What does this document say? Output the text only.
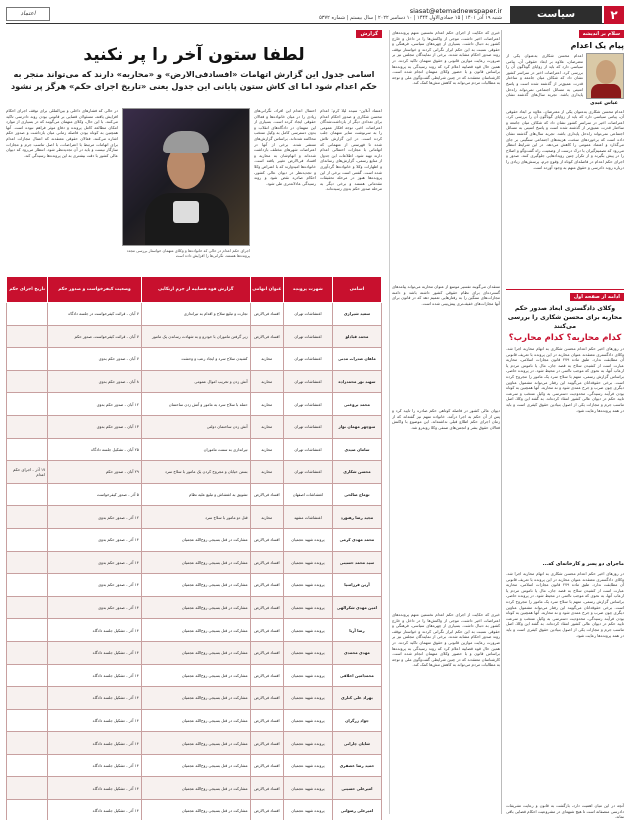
۲
سیاست
siasat@etemadnewspaper.ir
شنبه ۱۹ آذر ۱۴۰۱ | ۱۵ جمادی‌الاول ۱۴۴۴ | ۱۰ دسامبر ۲۰۲۲ | سال بیستم | شماره ۵۳۷۲
اعتماد
سلام بر اندیشه
پیام یک اعدام
اعدام محسن شکاری به‌عنوان یکی از معترضان، علاوه بر ابعاد حقوقی آن، پیامی سیاسی دارد که باید از زوایای گوناگون آن را بررسی کرد. اعتراضات اخیر در سراسر کشور نشان داد که شکاف میان جامعه و ساختار قدرت عمیق‌تر از گذشته شده است و پاسخ امنیتی به مسائل اجتماعی نمی‌تواند راه‌حل پایداری باشد. تجربه سال‌های گذشته نشان
عباس عبدی
اعدام محسن شکاری به‌عنوان یکی از معترضان، علاوه بر ابعاد حقوقی آن، پیامی سیاسی دارد که باید از زوایای گوناگون آن را بررسی کرد. اعتراضات اخیر در سراسر کشور نشان داد که شکاف میان جامعه و ساختار قدرت عمیق‌تر از گذشته شده است و پاسخ امنیتی به مسائل اجتماعی نمی‌تواند راه‌حل پایداری باشد. تجربه سال‌های گذشته نشان داده است که برخوردهای سخت، هزینه‌های اجتماعی سنگینی بر جای می‌گذارد و اعتماد عمومی را کاهش می‌دهد. در این شرایط انتظار می‌رود که تصمیم‌گیران با درک درست از وضعیت، راه گفت‌وگو و اصلاح را در پیش بگیرند و از تکرار چنین رویدادهایی جلوگیری کنند. صدور و اجرای حکم اعدام در فاصله‌ای کوتاه از وقوع جرم، پرسش‌های زیادی را درباره روند دادرسی و حقوق متهم به وجود آورده است.
ادامه از صفحه اول
وکلای دادگستری ابعاد صدور حکم محاربه برای محسن شکاری را بررسی می‌کنند
کدام محاربه؟ کدام محارب؟
در روزهای اخیر حکم اعدام محسن شکاری به اتهام محاربه اجرا شد. وکلای دادگستری معتقدند عنوان محاربه در این پرونده با تعریف قانونی آن مطابقت ندارد. طبق ماده ۲۷۹ قانون مجازات اسلامی، محاربه عبارت است از کشیدن سلاح به قصد جان، مال یا ناموس مردم یا ارعاب آنها، به نحوی که موجب ناامنی در محیط شود. در پرونده حاضر، براساس گزارش رسمی، متهم با سلاح سرد یک مامور را مجروح کرده است. برخی حقوقدانان می‌گویند این رفتار می‌تواند مشمول عناوین دیگری چون ضرب و جرح عمدی شود و نه محاربه. آنها همچنین به کوتاه بودن فرآیند رسیدگی، محدودیت دسترسی به وکیل منتخب و سرعت تایید حکم در دیوان عالی کشور انتقاد کرده‌اند. به گفته این وکلا، اصل تناسب جرم و مجازات یکی از اصول بنیادین حقوق کیفری است و باید در همه پرونده‌ها رعایت شود.
ماجرای دو پسر و کارخانه‌ای که...
در روزهای اخیر حکم اعدام محسن شکاری به اتهام محاربه اجرا شد. وکلای دادگستری معتقدند عنوان محاربه در این پرونده با تعریف قانونی آن مطابقت ندارد. طبق ماده ۲۷۹ قانون مجازات اسلامی، محاربه عبارت است از کشیدن سلاح به قصد جان، مال یا ناموس مردم یا ارعاب آنها، به نحوی که موجب ناامنی در محیط شود. در پرونده حاضر، براساس گزارش رسمی، متهم با سلاح سرد یک مامور را مجروح کرده است. برخی حقوقدانان می‌گویند این رفتار می‌تواند مشمول عناوین دیگری چون ضرب و جرح عمدی شود و نه محاربه. آنها همچنین به کوتاه بودن فرآیند رسیدگی، محدودیت دسترسی به وکیل منتخب و سرعت تایید حکم در دیوان عالی کشور انتقاد کرده‌اند. به گفته این وکلا، اصل تناسب جرم و مجازات یکی از اصول بنیادین حقوق کیفری است و باید در همه پرونده‌ها رعایت شود.
آنچه در این میان اهمیت دارد، بازگشت به قانون و رعایت تشریفات دادرسی منصفانه است تا هیچ شبهه‌ای در مشروعیت احکام قضایی باقی نماند.
خبری که حکایت از اجرای حکم اعدام نخستین متهم پرونده‌های اعتراضات اخیر داشت، موجی از واکنش‌ها را در داخل و خارج کشور به دنبال داشت. بسیاری از چهره‌های سیاسی، فرهنگی و حقوقی نسبت به این حکم ابراز نگرانی کردند و خواستار توقف روند صدور احکام مشابه شدند. برخی از نمایندگان مجلس نیز بر ضرورت رعایت موازین قانونی و حقوق متهمان تاکید کردند. در همین حال قوه قضاییه اعلام کرد که روند رسیدگی به پرونده‌ها براساس قانون و با حضور وکلای متهمان انجام شده است. کارشناسان معتقدند که در چنین شرایطی گفت‌وگوی ملی و توجه به مطالبات مردم می‌تواند به کاهش تنش‌ها کمک کند.
منتقدان می‌گویند تفسیر موسع از عنوان محاربه می‌تواند پیامدهای گسترده‌ای برای نظام حقوقی کشور داشته باشد و دامنه مجازات‌های سنگین را به رفتارهایی تعمیم دهد که در قانون برای آنها مجازات‌های خفیف‌تری پیش‌بینی شده است.
دیوان عالی کشور در فاصله کوتاهی حکم صادره را تایید کرد و پس از آن حکم به اجرا درآمد. خانواده متهم نیز گفته‌اند که از زمان اجرای حکم اطلاع قبلی نداشته‌اند. این موضوع با واکنش فعالان حقوق بشر و انجمن‌های صنفی وکلا روبه‌رو شد.
خبری که حکایت از اجرای حکم اعدام نخستین متهم پرونده‌های اعتراضات اخیر داشت، موجی از واکنش‌ها را در داخل و خارج کشور به دنبال داشت. بسیاری از چهره‌های سیاسی، فرهنگی و حقوقی نسبت به این حکم ابراز نگرانی کردند و خواستار توقف روند صدور احکام مشابه شدند. برخی از نمایندگان مجلس نیز بر ضرورت رعایت موازین قانونی و حقوق متهمان تاکید کردند. در همین حال قوه قضاییه اعلام کرد که روند رسیدگی به پرونده‌ها براساس قانون و با حضور وکلای متهمان انجام شده است. کارشناسان معتقدند که در چنین شرایطی گفت‌وگوی ملی و توجه به مطالبات مردم می‌تواند به کاهش تنش‌ها کمک کند.
گزارش
لطفا ستون آخر را پر نکنید
اسامی جدول این گزارش اتهامات «افسادفی‌الارض» و «محاربه» دارند که می‌تواند منجر به حکم اعدام شود اما ای کاش ستون پایانی این جدول یعنی «تاریخ اجرای حکم» هرگز پر نشود
اعتماد آنلاین- سیده لیلا کرم: اعدام محسن شکاری و صدور احکام اعدام برای تعدادی دیگر از بازداشت‌شدگان اعتراضات اخیر، توجه افکار عمومی را به سرنوشت سایر متهمان جلب کرده است. در این گزارش تلاش شده تا فهرستی از متهمانی که اتهاماتی با مجازات احتمالی اعدام دارند تهیه شود. اطلاعات این جدول از منابع رسمی، گزارش‌های رسانه‌ای و اظهارات وکلا و خانواده‌ها گردآوری شده است. گفتنی است برخی از این پرونده‌ها هنوز در مرحله تحقیقات مقدماتی هستند و برخی دیگر به مرحله صدور حکم بدوی رسیده‌اند.
احتمال اعدام این افراد، نگرانی‌های زیادی را در میان خانواده‌ها و فعالان حقوقی ایجاد کرده است. بسیاری از این متهمان در دادگاه‌های انقلاب و بدون دسترسی کامل به وکیل منتخب محاکمه شده‌اند. براساس گزارش‌های منتشر شده، برخی از آنها در اعتراضات شهرهای مختلف بازداشت شده‌اند و اتهام‌شان به محاربه و افساد فی‌الارض تغییر یافته است. خانواده‌ها امیدوارند که با اعتراض وکلا و تجدیدنظر در دیوان عالی کشور، احکام صادره نقض شود و روند رسیدگی عادلانه‌تری طی شود.
اجرای حکم اعدام در حالی که خانواده‌ها و وکلای متهمان خواستار بررسی مجدد پرونده‌ها هستند، نگرانی‌ها را افزایش داده است
در حالی که فشارهای داخلی و بین‌المللی برای توقف اجرای احکام افزایش یافته، مسئولان قضایی بر قانونی بودن روند دادرسی تاکید می‌کنند. با این حال، وکلای متهمان می‌گویند که در بسیاری از موارد امکان مطالعه کامل پرونده و دفاع موثر فراهم نبوده است. آنها همچنین به کوتاه بودن فاصله زمانی میان بازداشت و صدور حکم اشاره می‌کنند. فعالان حقوقی معتقدند که اعمال مجازات اعدام برای اتهامات مرتبط با اعتراضات، با اصل تناسب جرم و مجازات سازگار نیست و باید در آن تجدیدنظر شود. انتظار می‌رود که دیوان عالی کشور با دقت بیشتری به این پرونده‌ها رسیدگی کند.
اسامی	شهرت پرونده	عنوان اتهامی	گزارش قوه قضاییه از جرم ارتکابی	وضعیت کیفرخواست و صدور حکم	تاریخ اجرای حکم
سعید شیرازی	اغتشاشات تهران	افساد فی‌الارض	تجارت و تبلیغ سلاح و اقدام به تیراندازی	۷ آبان - قرائت کیفرخواست در جلسه دادگاه	
محمد قبادلو	اغتشاشات تهران	افساد فی‌الارض	زیر گرفتن ماموران با خودرو و به شهادت رساندن یک مامور	۷ آبان - قرائت کیفرخواست، صدور حکم	
ماهان صدرات مدنی	اغتشاشات تهران	محاربه	کشیدن سلاح سرد و ایجاد رعب و وحشت	۷ آبان - صدور حکم بدوی	
سهند نور محمدزاده	اغتشاشات تهران	محاربه	آتش زدن و تخریب اموال عمومی	۸ آبان - صدور حکم بدوی	
محمد بروغنی	اغتشاشات تهران	محاربه	حمله با سلاح سرد به مامور و آتش زدن ساختمان	۱۲ آبان - صدور حکم بدوی	
منوچهر مهمان نواز	اغتشاشات تهران	محاربه	آتش زدن ساختمان دولتی	۱۳ آبان - صدور حکم بدوی	
سامان صیدی	اغتشاشات تهران	محاربه	تیراندازی به سمت ماموران	۲۵ آبان - تشکیل جلسه دادگاه	
محسن شکاری	اغتشاشات تهران	محاربه	بستن خیابان و مجروح کردن یک مامور با سلاح سرد	۲۹ آبان - صدور حکم	۱۷ آذر - اجرای حکم اعدام
توماج صالحی	اغتشاشات اصفهان	افساد فی‌الارض	تشویق به اغتشاش و تبلیغ علیه نظام	۵ آذر - صدور کیفرخواست	
مجید رضا رهنورد	اغتشاشات مشهد	محاربه	قتل دو مامور با سلاح سرد	۱۲ آذر - صدور حکم بدوی	
محمد مهدی کرمی	پرونده شهید عجمیان	افساد فی‌الارض	مشارکت در قتل بسیجی روح‌الله عجمیان	۱۴ آذر - صدور حکم بدوی	
سید محمد حسینی	پرونده شهید عجمیان	افساد فی‌الارض	مشارکت در قتل بسیجی روح‌الله عجمیان	۱۴ آذر - صدور حکم بدوی	
آرین فرزامنیا	پرونده شهید عجمیان	افساد فی‌الارض	مشارکت در قتل بسیجی روح‌الله عجمیان	۱۴ آذر - صدور حکم بدوی	
امین مهدی شکرالهی	پرونده شهید عجمیان	افساد فی‌الارض	مشارکت در قتل بسیجی روح‌الله عجمیان	۱۴ آذر - صدور حکم بدوی	
رضا آریا	پرونده شهید عجمیان	افساد فی‌الارض	مشارکت در قتل بسیجی روح‌الله عجمیان	۱۴ آذر - تشکیل جلسه دادگاه	
مهدی محمدی	پرونده شهید عجمیان	افساد فی‌الارض	مشارکت در قتل بسیجی روح‌الله عجمیان	۱۴ آذر - تشکیل جلسه دادگاه	
محمدامین اخلاقی	پرونده شهید عجمیان	افساد فی‌الارض	مشارکت در قتل بسیجی روح‌الله عجمیان	۱۴ آذر - تشکیل جلسه دادگاه	
بهراد علی کنارى	پرونده شهید عجمیان	افساد فی‌الارض	مشارکت در قتل بسیجی روح‌الله عجمیان	۱۴ آذر - تشکیل جلسه دادگاه	
جواد زرگران	پرونده شهید عجمیان	افساد فی‌الارض	مشارکت در قتل بسیجی روح‌الله عجمیان	۱۴ آذر - تشکیل جلسه دادگاه	
شایان چارانی	پرونده شهید عجمیان	افساد فی‌الارض	مشارکت در قتل بسیجی روح‌الله عجمیان	۱۴ آذر - تشکیل جلسه دادگاه	
حمید رضا عصفری	پرونده شهید عجمیان	افساد فی‌الارض	مشارکت در قتل بسیجی روح‌الله عجمیان	۱۴ آذر - تشکیل جلسه دادگاه	
امیرعلی حسینی	پرونده شهید عجمیان	افساد فی‌الارض	مشارکت در قتل بسیجی روح‌الله عجمیان	۱۴ آذر - تشکیل جلسه دادگاه	
امیرعلی رضوانی	پرونده شهید عجمیان	افساد فی‌الارض	مشارکت در قتل بسیجی روح‌الله عجمیان	۱۴ آذر - تشکیل جلسه دادگاه	
